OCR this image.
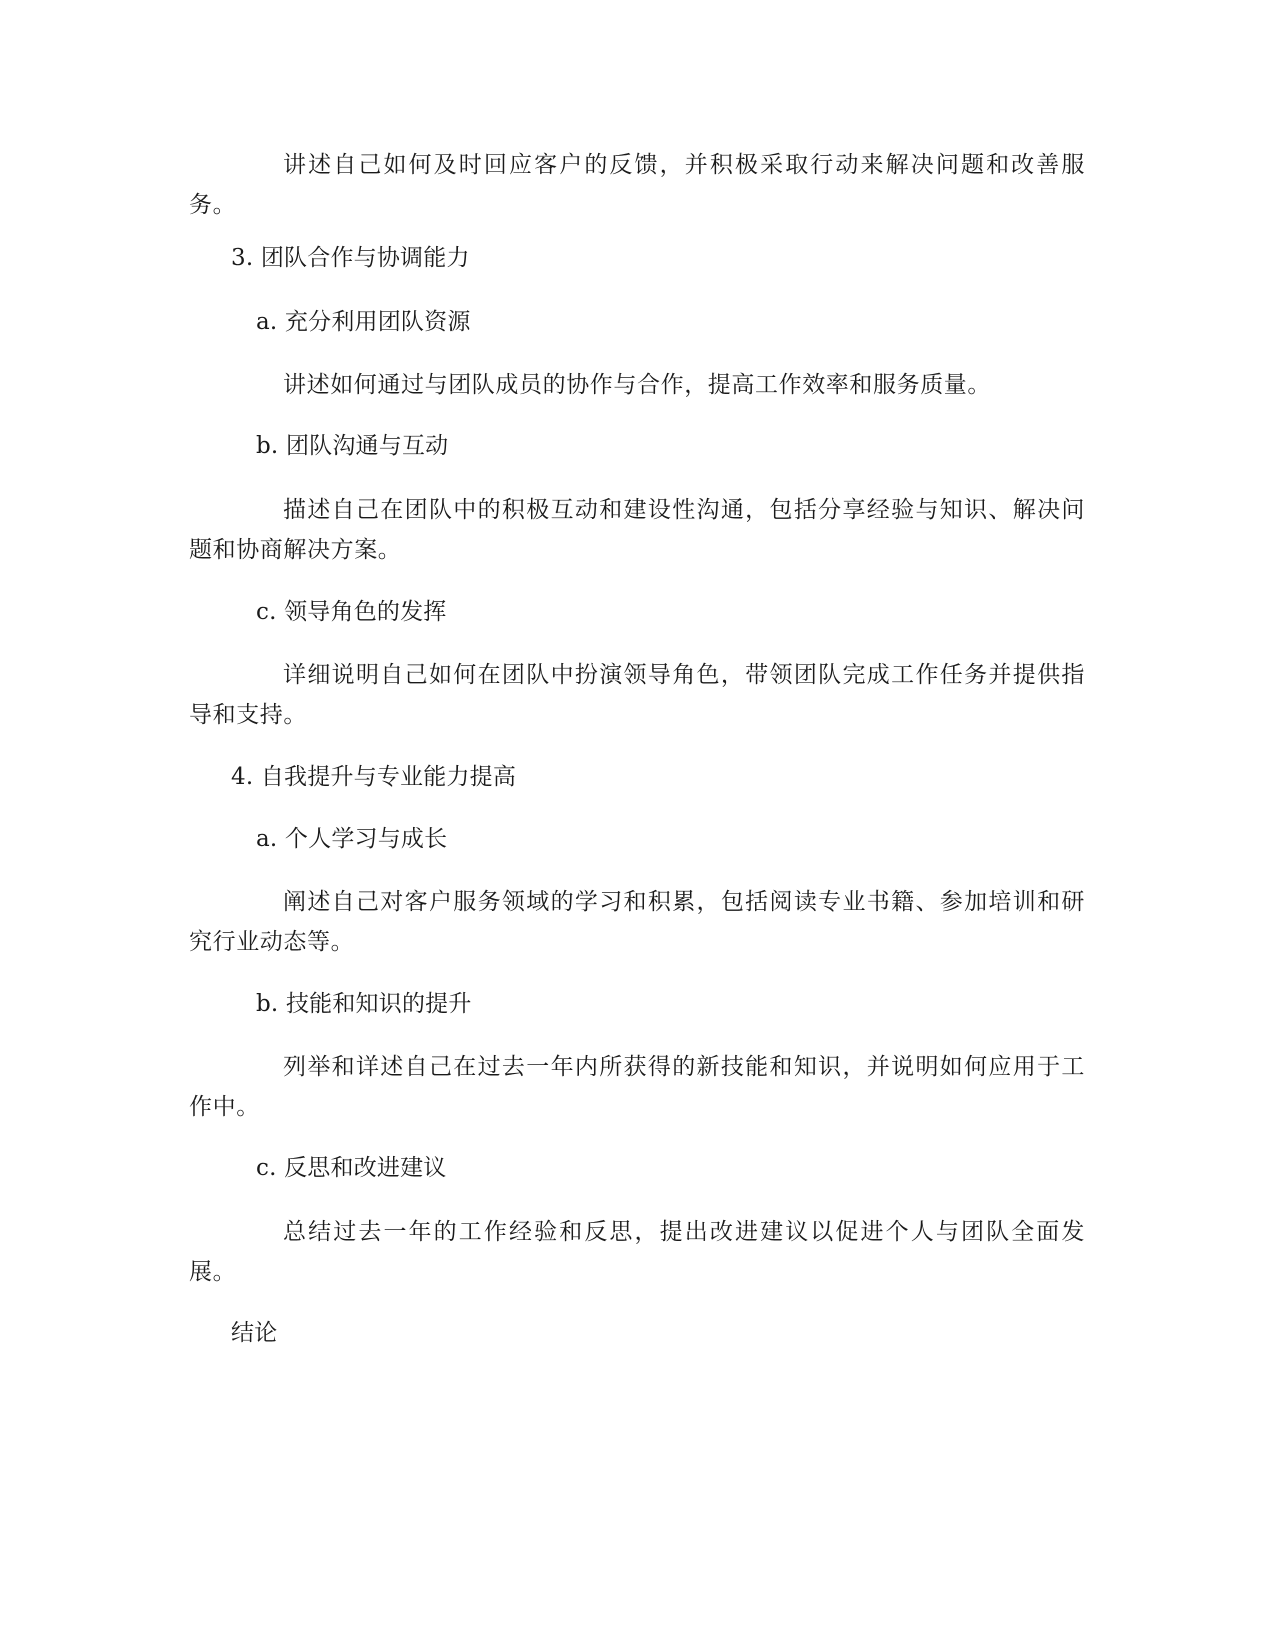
讲述自己如何及时回应客户的反馈，并积极采取行动来解决问题和改善服务。

3. 团队合作与协调能力
a. 充分利用团队资源

讲述如何通过与团队成员的协作与合作，提高工作效率和服务质量。

b. 团队沟通与互动

描述自己在团队中的积极互动和建设性沟通，包括分享经验与知识、解决问题和协商解决方案。

c. 领导角色的发挥

详细说明自己如何在团队中扮演领导角色，带领团队完成工作任务并提供指导和支持。

4. 自我提升与专业能力提高
a. 个人学习与成长

阐述自己对客户服务领域的学习和积累，包括阅读专业书籍、参加培训和研究行业动态等。

b. 技能和知识的提升

列举和详述自己在过去一年内所获得的新技能和知识，并说明如何应用于工作中。

c. 反思和改进建议

总结过去一年的工作经验和反思，提出改进建议以促进个人与团队全面发展。

结论
